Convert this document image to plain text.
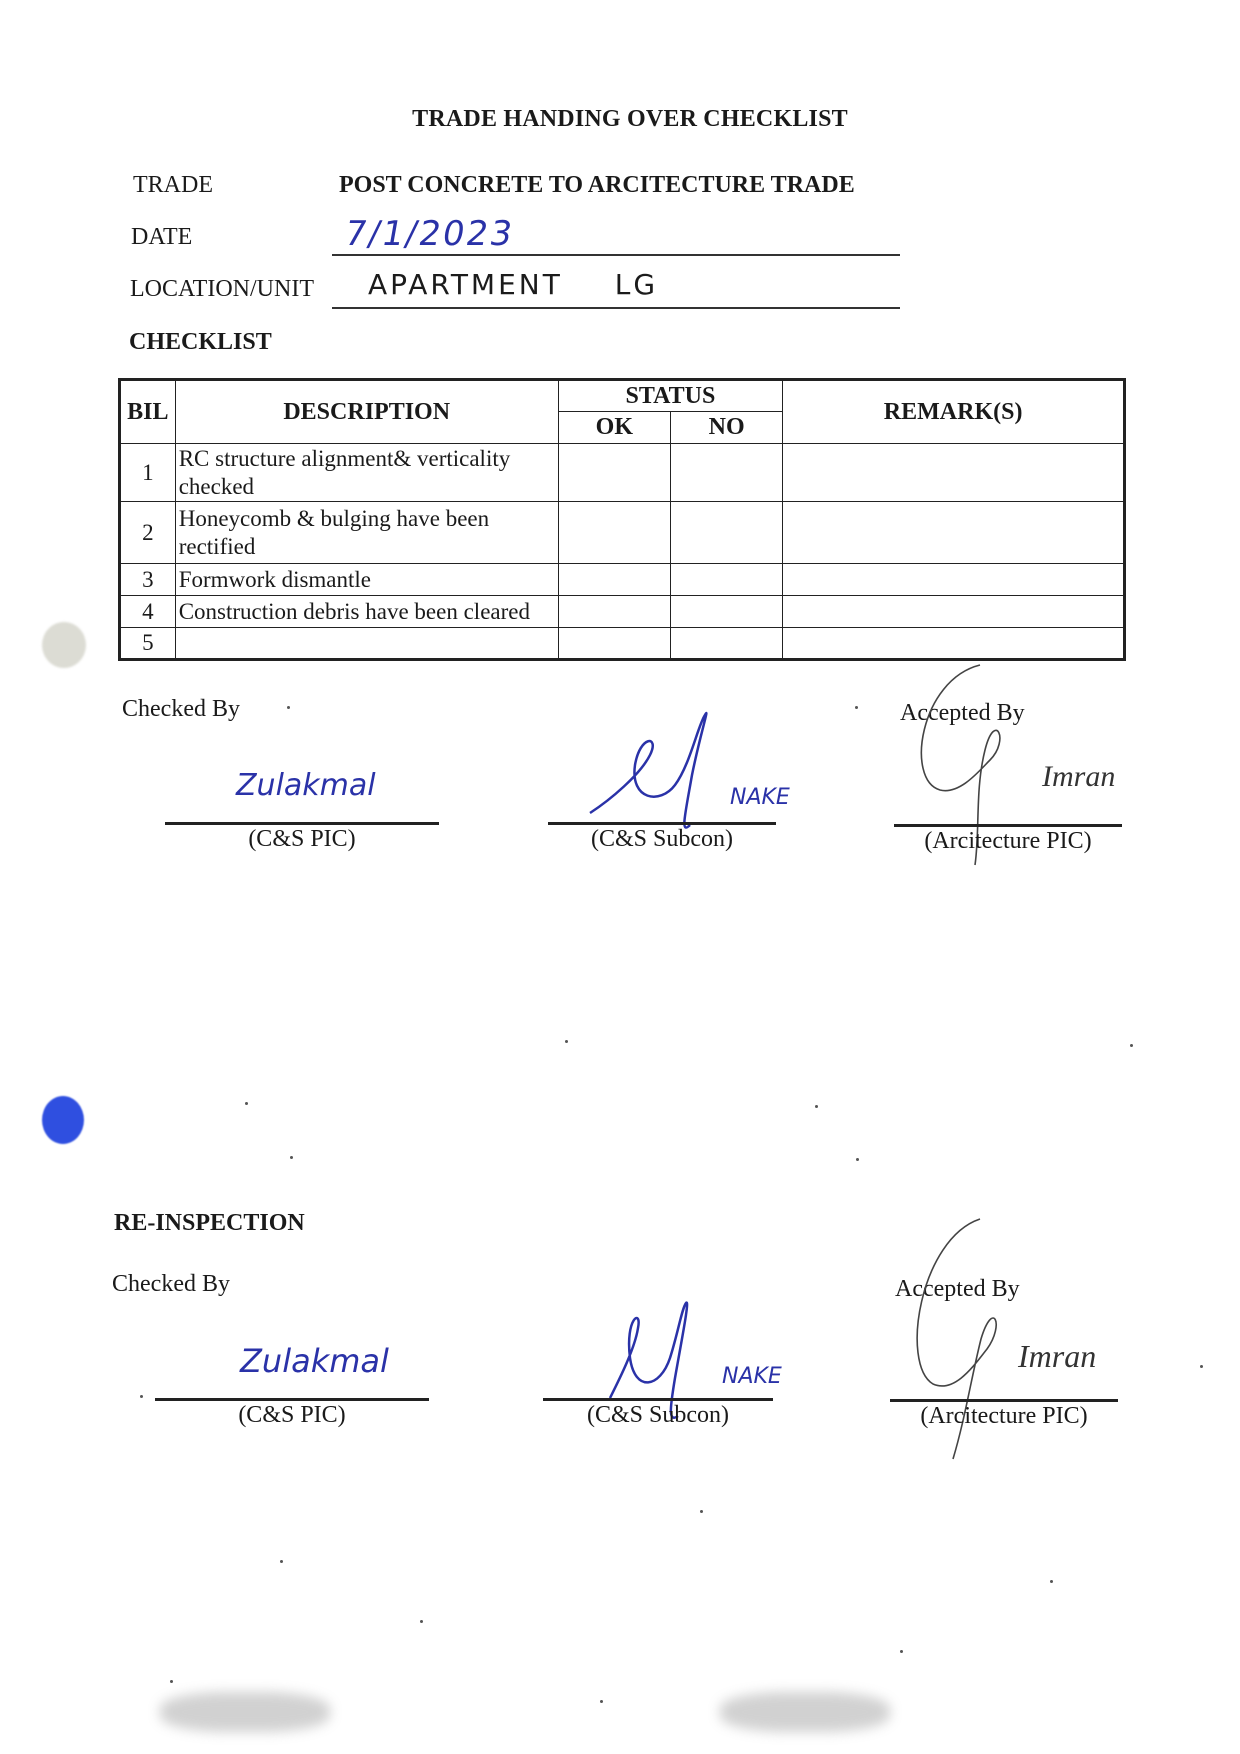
TRADE HANDING OVER CHECKLIST
TRADE	POST CONCRETE TO ARCITECTURE TRADE
DATE	7/1/2023
LOCATION/UNIT APARTMENT LG
CHECKLIST
BIL	DESCRIPTION	STATUS		REMARK(S)
		OK	NO	
1	RC structure alignment& verticality
checked			

2	Honeycomb & bulging have been
rectified			

3	Formwork dismantle			
4	Construction debris have been cleared			
5				
Checked By	Accepted By
Zulakmal
(C&S PIC)
NAKE
(C&S Subcon)
Imran
(Arcitecture PIC)
RE-INSPECTION
Checked By	Accepted By
Zulakmal
(C&S PIC)
NAKE
(C&S Subcon)
Imran
(Arcitecture PIC)
